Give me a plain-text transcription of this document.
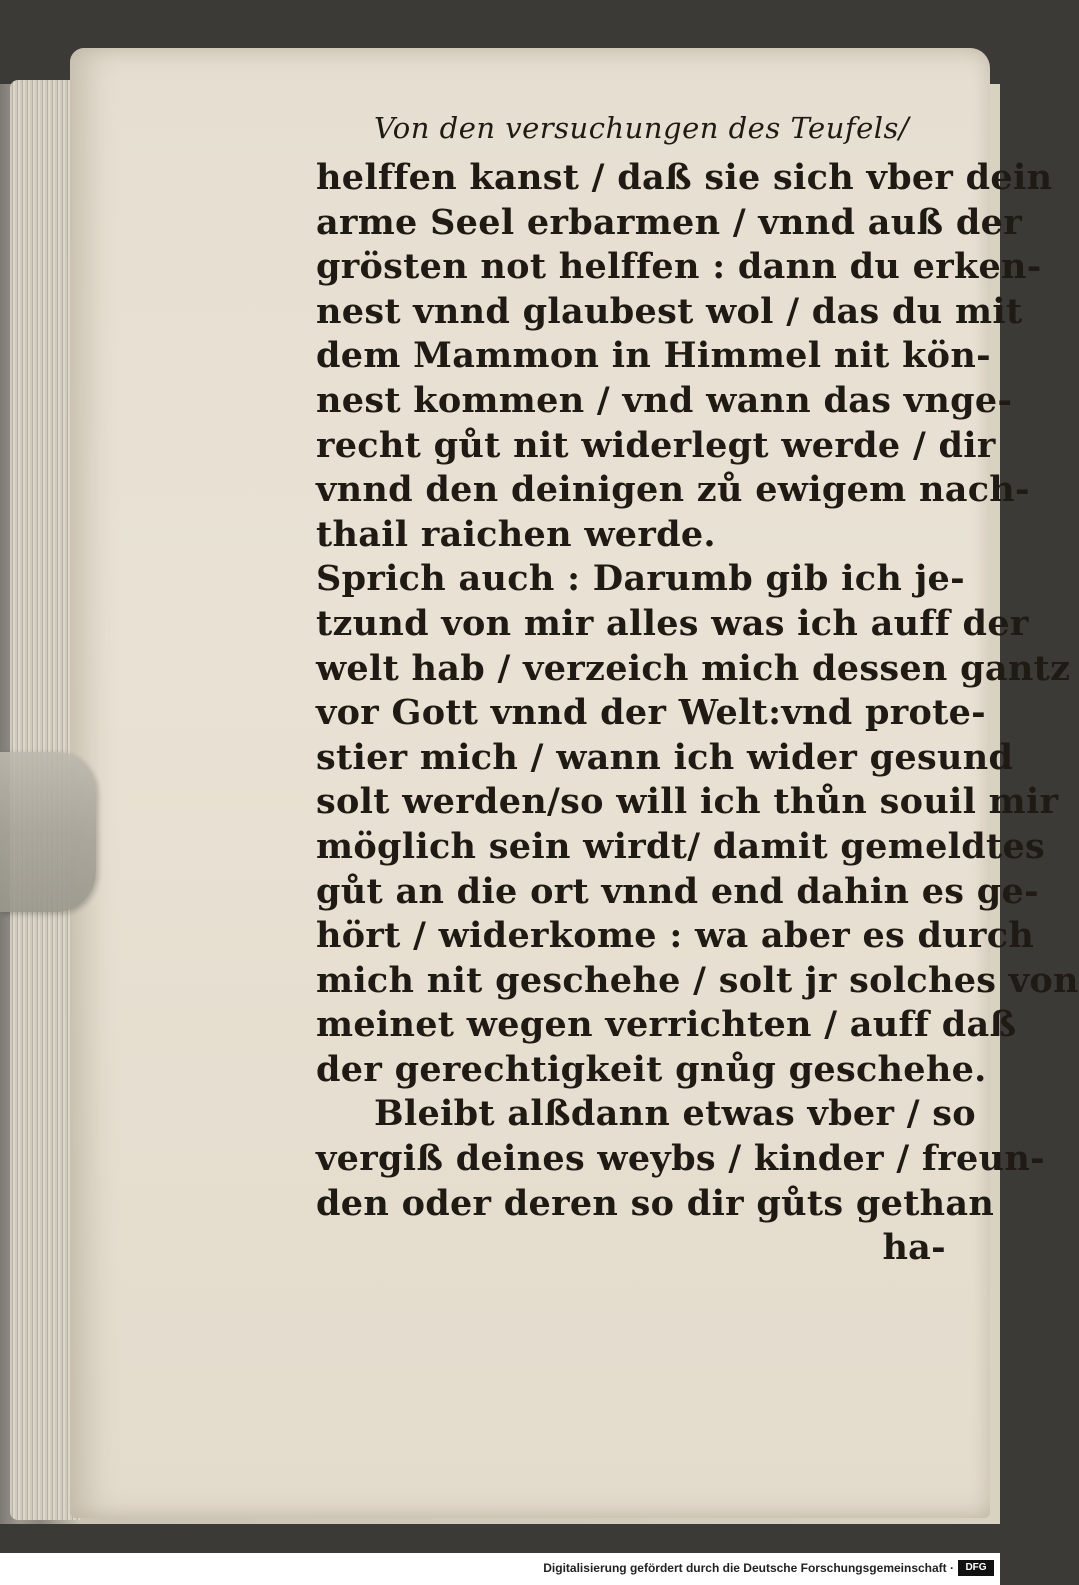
Von den versuchungen des Teufels/
helffen kanst / daß sie sich vber dein
arme Seel erbarmen / vnnd auß der
grösten not helffen : dann du erken-
nest vnnd glaubest wol / das du mit
dem Mammon in Himmel nit kön-
nest kommen / vnd wann das vnge-
recht gůt nit widerlegt werde / dir
vnnd den deinigen zů ewigem nach-
thail raichen werde.
Sprich auch : Darumb gib ich je-
tzund von mir alles was ich auff der
welt hab / verzeich mich dessen gantz
vor Gott vnnd der Welt:vnd prote-
stier mich / wann ich wider gesund
solt werden/so will ich thůn souil mir
möglich sein wirdt/ damit gemeldtes
gůt an die ort vnnd end dahin es ge-
hört / widerkome : wa aber es durch
mich nit geschehe / solt jr solches von
meinet wegen verrichten / auff daß
der gerechtigkeit gnůg geschehe.
Bleibt alßdann etwas vber / so
vergiß deines weybs / kinder / freun-
den oder deren so dir gůts gethan
ha-
Digitalisierung gefördert durch die Deutsche Forschungsgemeinschaft ·	DFG
